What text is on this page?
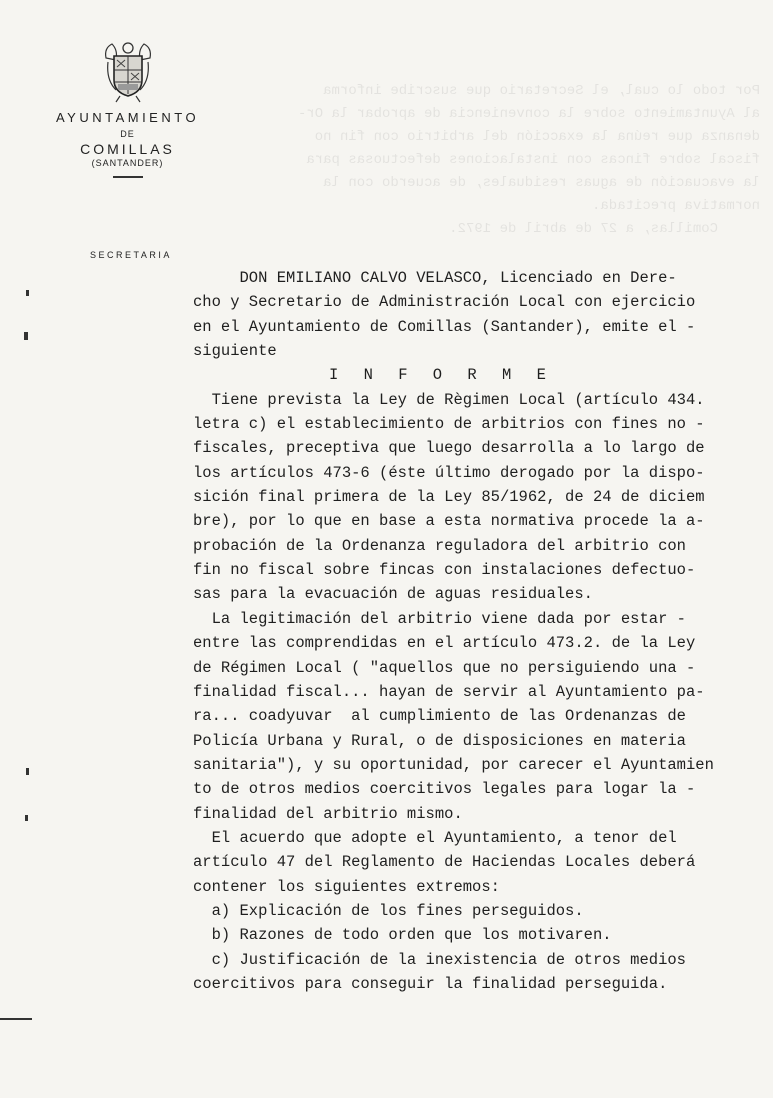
Por todo lo cual, el Secretario que suscribe informa
al Ayuntamiento sobre la conveniencia de aprobar la Or-
denanza que reúna la exacción del arbitrio con fin no
fiscal sobre fincas con instalaciones defectuosas para
la evacuación de aguas residuales, de acuerdo con la
normativa precitada.
Comillas, a 27 de abril de 1972.
AYUNTAMIENTO
DE
COMILLAS
(SANTANDER)
SECRETARIA
DON EMILIANO CALVO VELASCO, Licenciado en Dere-
cho y Secretario de Administración Local con ejercicio
en el Ayuntamiento de Comillas (Santander), emite el -
siguiente
I N F O R M E
Tiene prevista la Ley de Règimen Local (artículo 434.
letra c) el establecimiento de arbitrios con fines no -
fiscales, preceptiva que luego desarrolla a lo largo de
los artículos 473-6 (éste último derogado por la dispo-
sición final primera de la Ley 85/1962, de 24 de diciem
bre), por lo que en base a esta normativa procede la a-
probación de la Ordenanza reguladora del arbitrio con
fin no fiscal sobre fincas con instalaciones defectuo-
sas para la evacuación de aguas residuales.
La legitimación del arbitrio viene dada por estar -
entre las comprendidas en el artículo 473.2. de la Ley
de Régimen Local ( "aquellos que no persiguiendo una -
finalidad fiscal... hayan de servir al Ayuntamiento pa-
ra... coadyuvar  al cumplimiento de las Ordenanzas de
Policía Urbana y Rural, o de disposiciones en materia
sanitaria"), y su oportunidad, por carecer el Ayuntamien
to de otros medios coercitivos legales para logar la -
finalidad del arbitrio mismo.
El acuerdo que adopte el Ayuntamiento, a tenor del
artículo 47 del Reglamento de Haciendas Locales deberá
contener los siguientes extremos:
a) Explicación de los fines perseguidos.
b) Razones de todo orden que los motivaren.
c) Justificación de la inexistencia de otros medios
coercitivos para conseguir la finalidad perseguida.
